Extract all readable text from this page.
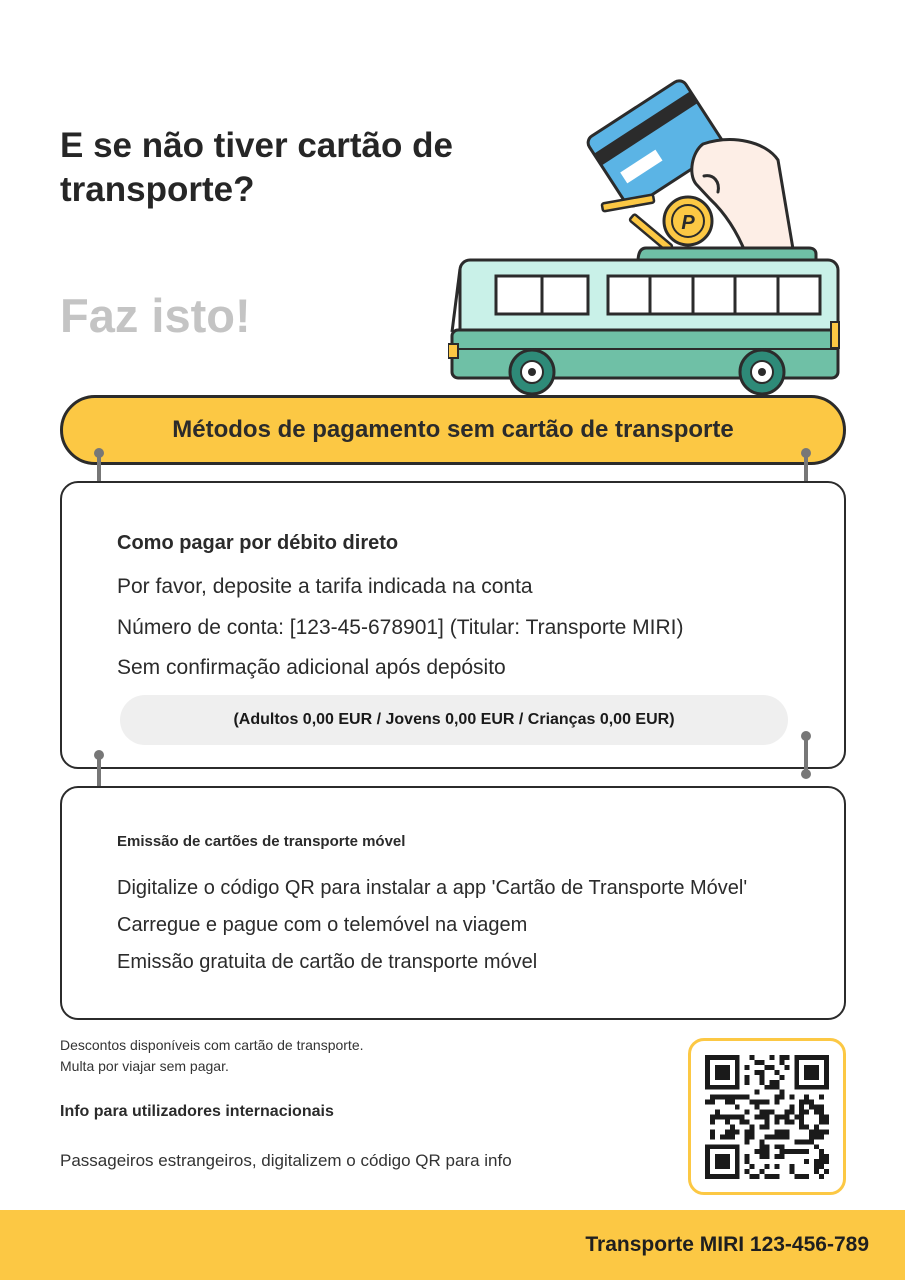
E se não tiver cartão de transporte?
Faz isto!
P
Métodos de pagamento sem cartão de transporte
Como pagar por débito direto
Por favor, deposite a tarifa indicada na conta
Número de conta: [123-45-678901] (Titular: Transporte MIRI)
Sem confirmação adicional após depósito
(Adultos 0,00 EUR / Jovens 0,00 EUR / Crianças 0,00 EUR)
Emissão de cartões de transporte móvel
Digitalize o código QR para instalar a app 'Cartão de Transporte Móvel'
Carregue e pague com o telemóvel na viagem
Emissão gratuita de cartão de transporte móvel
Descontos disponíveis com cartão de transporte.
Multa por viajar sem pagar.
Info para utilizadores internacionais
Passageiros estrangeiros, digitalizem o código QR para info
Transporte MIRI 123-456-789
